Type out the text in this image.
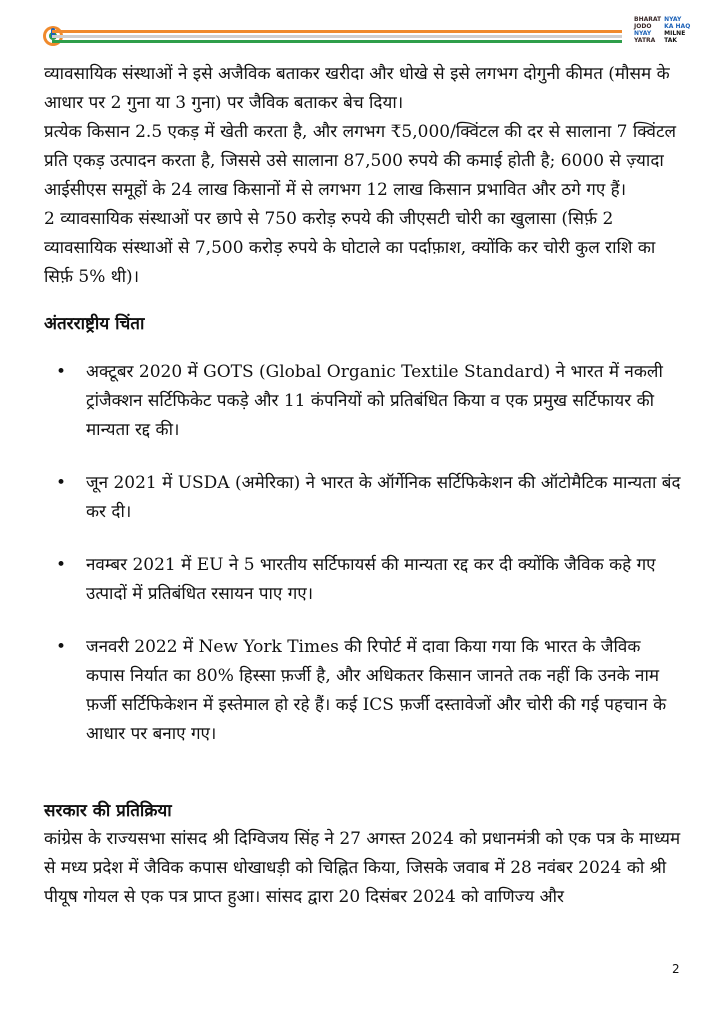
BHARAT
JODO
NYAY
YATRA
NYAY
KA HAQ
MILNE
TAK

व्यावसायिक संस्थाओं ने इसे अजैविक बताकर खरीदा और धोखे से इसे लगभग दोगुनी कीमत (मौसम के आधार पर 2 गुना या 3 गुना) पर जैविक बताकर बेच दिया।

प्रत्येक किसान 2.5 एकड़ में खेती करता है, और लगभग ₹5,000/क्विंटल की दर से सालाना 7 क्विंटल प्रति एकड़ उत्पादन करता है, जिससे उसे सालाना 87,500 रुपये की कमाई होती है; 6000 से ज़्यादा आईसीएस समूहों के 24 लाख किसानों में से लगभग 12 लाख किसान प्रभावित और ठगे गए हैं।

2 व्यावसायिक संस्थाओं पर छापे से 750 करोड़ रुपये की जीएसटी चोरी का खुलासा (सिर्फ़ 2 व्यावसायिक संस्थाओं से 7,500 करोड़ रुपये के घोटाले का पर्दाफ़ाश, क्योंकि कर चोरी कुल राशि का सिर्फ़ 5% थी)।

अंतरराष्ट्रीय चिंता
• अक्टूबर 2020 में GOTS (Global Organic Textile Standard) ने भारत में नकली ट्रांजैक्शन सर्टिफिकेट पकड़े और 11 कंपनियों को प्रतिबंधित किया व एक प्रमुख सर्टिफायर की मान्यता रद्द की।
• जून 2021 में USDA (अमेरिका) ने भारत के ऑर्गेनिक सर्टिफिकेशन की ऑटोमैटिक मान्यता बंद कर दी।
• नवम्बर 2021 में EU ने 5 भारतीय सर्टिफायर्स की मान्यता रद्द कर दी क्योंकि जैविक कहे गए उत्पादों में प्रतिबंधित रसायन पाए गए।
• जनवरी 2022 में New York Times की रिपोर्ट में दावा किया गया कि भारत के जैविक कपास निर्यात का 80% हिस्सा फ़र्जी है, और अधिकतर किसान जानते तक नहीं कि उनके नाम फ़र्जी सर्टिफिकेशन में इस्तेमाल हो रहे हैं। कई ICS फ़र्जी दस्तावेजों और चोरी की गई पहचान के आधार पर बनाए गए।
सरकार की प्रतिक्रिया

कांग्रेस के राज्यसभा सांसद श्री दिग्विजय सिंह ने 27 अगस्त 2024 को प्रधानमंत्री को एक पत्र के माध्यम से मध्य प्रदेश में जैविक कपास धोखाधड़ी को चिह्नित किया, जिसके जवाब में 28 नवंबर 2024 को श्री पीयूष गोयल से एक पत्र प्राप्त हुआ। सांसद द्वारा 20 दिसंबर 2024 को वाणिज्य और

2
